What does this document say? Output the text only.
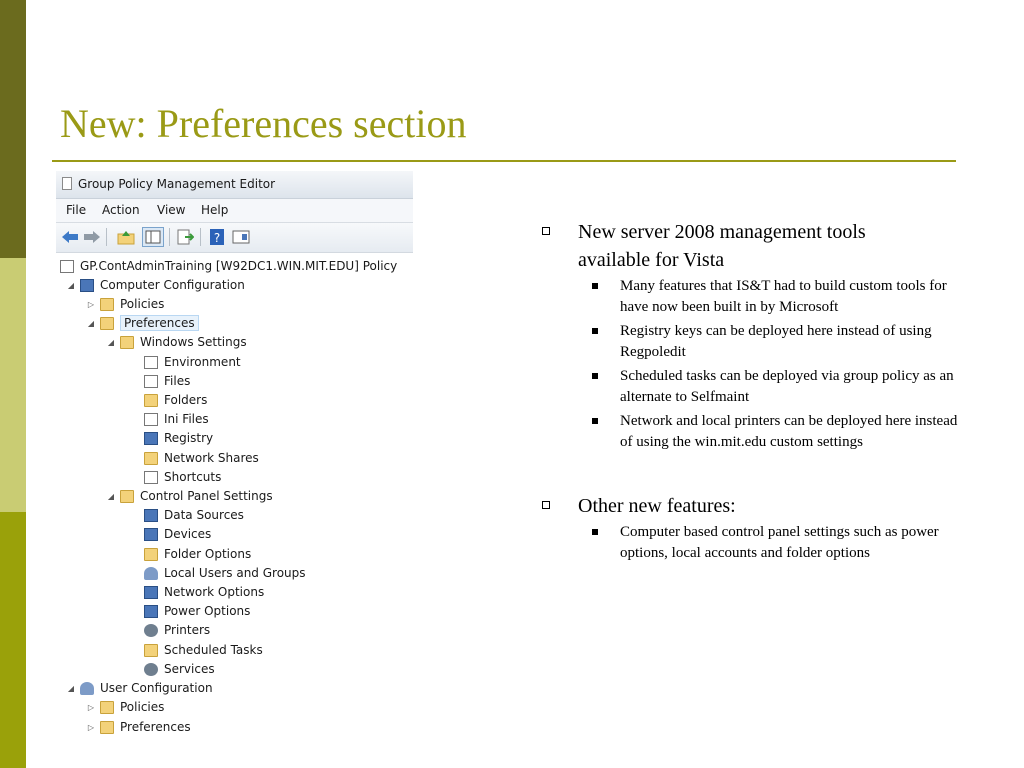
New: Preferences section
Group Policy Management Editor
File Action View Help
?
GP.ContAdminTraining [W92DC1.WIN.MIT.EDU] Policy
◢ Computer Configuration
▷ Policies
◢	Preferences
◢ Windows Settings
Environment
Files
Folders
Ini Files
Registry
Network Shares
Shortcuts
◢ Control Panel Settings
Data Sources
Devices
Folder Options
Local Users and Groups
Network Options
Power Options
Printers
Scheduled Tasks
Services
◢ User Configuration
▷ Policies
▷ Preferences
New server 2008 management tools available for Vista
Many features that IS&T had to build custom tools for have now been built in by Microsoft
Registry keys can be deployed here instead of using Regpoledit
Scheduled tasks can be deployed via group policy as an alternate to Selfmaint
Network and local printers can be deployed here instead of using the win.mit.edu custom settings
Other new features:
Computer based control panel settings such as power options, local accounts and folder options
